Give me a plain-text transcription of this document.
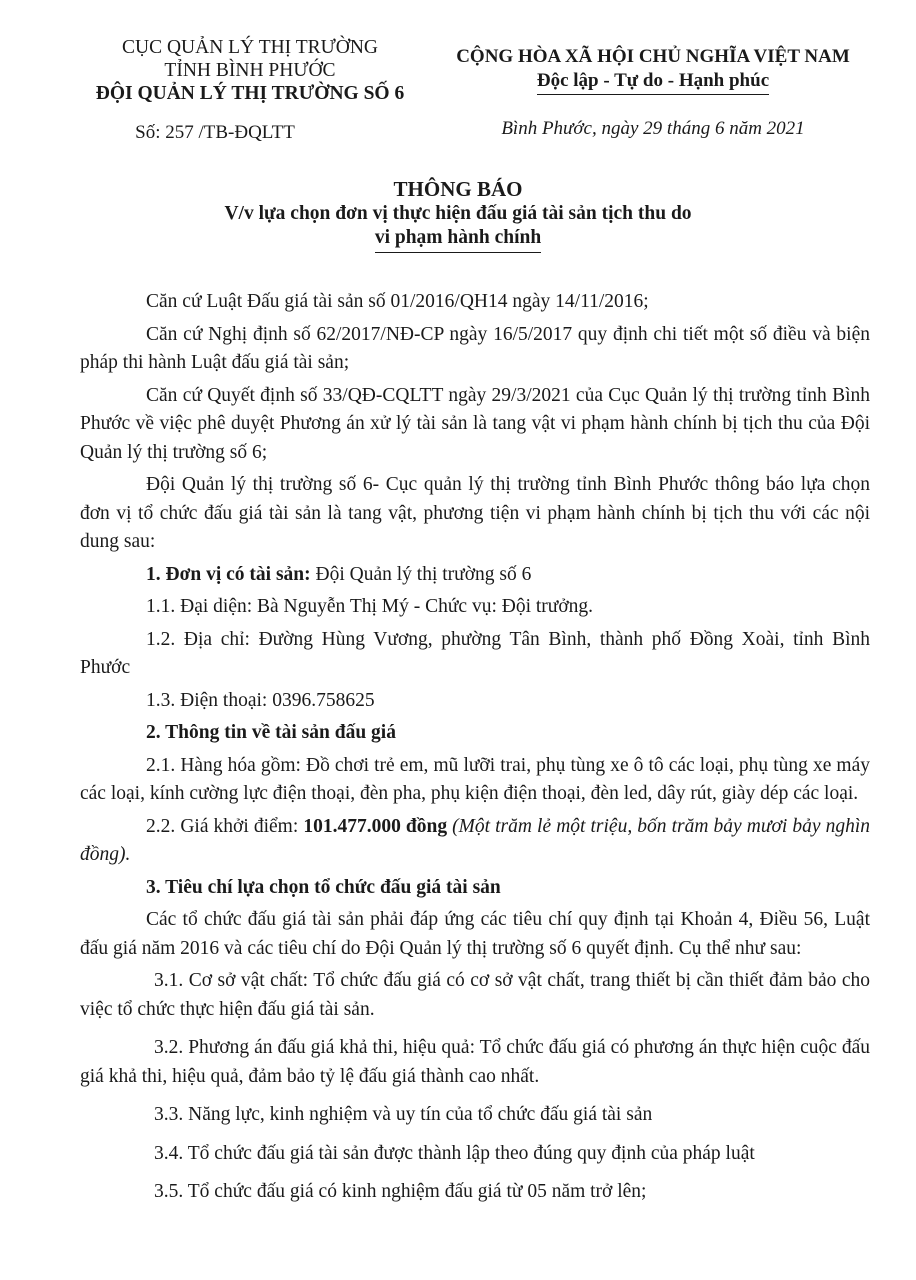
CỤC QUẢN LÝ THỊ TRƯỜNG
TỈNH BÌNH PHƯỚC
ĐỘI QUẢN LÝ THỊ TRƯỜNG SỐ 6
Số: 257 /TB-ĐQLTT
CỘNG HÒA XÃ HỘI CHỦ NGHĨA VIỆT NAM
Độc lập - Tự do - Hạnh phúc
Bình Phước, ngày 29 tháng 6 năm 2021
THÔNG BÁO
V/v lựa chọn đơn vị thực hiện đấu giá tài sản tịch thu do
vi phạm hành chính

Căn cứ Luật Đấu giá tài sản số 01/2016/QH14 ngày 14/11/2016;

Căn cứ Nghị định số 62/2017/NĐ-CP ngày 16/5/2017 quy định chi tiết một số điều và biện pháp thi hành Luật đấu giá tài sản;

Căn cứ Quyết định số 33/QĐ-CQLTT ngày 29/3/2021 của Cục Quản lý thị trường tỉnh Bình Phước về việc phê duyệt Phương án xử lý tài sản là tang vật vi phạm hành chính bị tịch thu của Đội Quản lý thị trường số 6;

Đội Quản lý thị trường số 6- Cục quản lý thị trường tỉnh Bình Phước thông báo lựa chọn đơn vị tổ chức đấu giá tài sản là tang vật, phương tiện vi phạm hành chính bị tịch thu với các nội dung sau:

1. Đơn vị có tài sản: Đội Quản lý thị trường số 6

1.1. Đại diện: Bà Nguyễn Thị Mý - Chức vụ: Đội trưởng.

1.2. Địa chỉ: Đường Hùng Vương, phường Tân Bình, thành phố Đồng Xoài, tỉnh Bình Phước

1.3. Điện thoại: 0396.758625

2. Thông tin về tài sản đấu giá

2.1. Hàng hóa gồm: Đồ chơi trẻ em, mũ lưỡi trai, phụ tùng xe ô tô các loại, phụ tùng xe máy các loại, kính cường lực điện thoại, đèn pha, phụ kiện điện thoại, đèn led, dây rút, giày dép các loại.

2.2. Giá khởi điểm: 101.477.000 đồng (Một trăm lẻ một triệu, bốn trăm bảy mươi bảy nghìn đồng).

3. Tiêu chí lựa chọn tổ chức đấu giá tài sản

Các tổ chức đấu giá tài sản phải đáp ứng các tiêu chí quy định tại Khoản 4, Điều 56, Luật đấu giá năm 2016 và các tiêu chí do Đội Quản lý thị trường số 6 quyết định. Cụ thể như sau:

3.1. Cơ sở vật chất: Tổ chức đấu giá có cơ sở vật chất, trang thiết bị cần thiết đảm bảo cho việc tổ chức thực hiện đấu giá tài sản.

3.2. Phương án đấu giá khả thi, hiệu quả: Tổ chức đấu giá có phương án thực hiện cuộc đấu giá khả thi, hiệu quả, đảm bảo tỷ lệ đấu giá thành cao nhất.

3.3. Năng lực, kinh nghiệm và uy tín của tổ chức đấu giá tài sản

3.4. Tổ chức đấu giá tài sản được thành lập theo đúng quy định của pháp luật

3.5. Tổ chức đấu giá có kinh nghiệm đấu giá từ 05 năm trở lên;
